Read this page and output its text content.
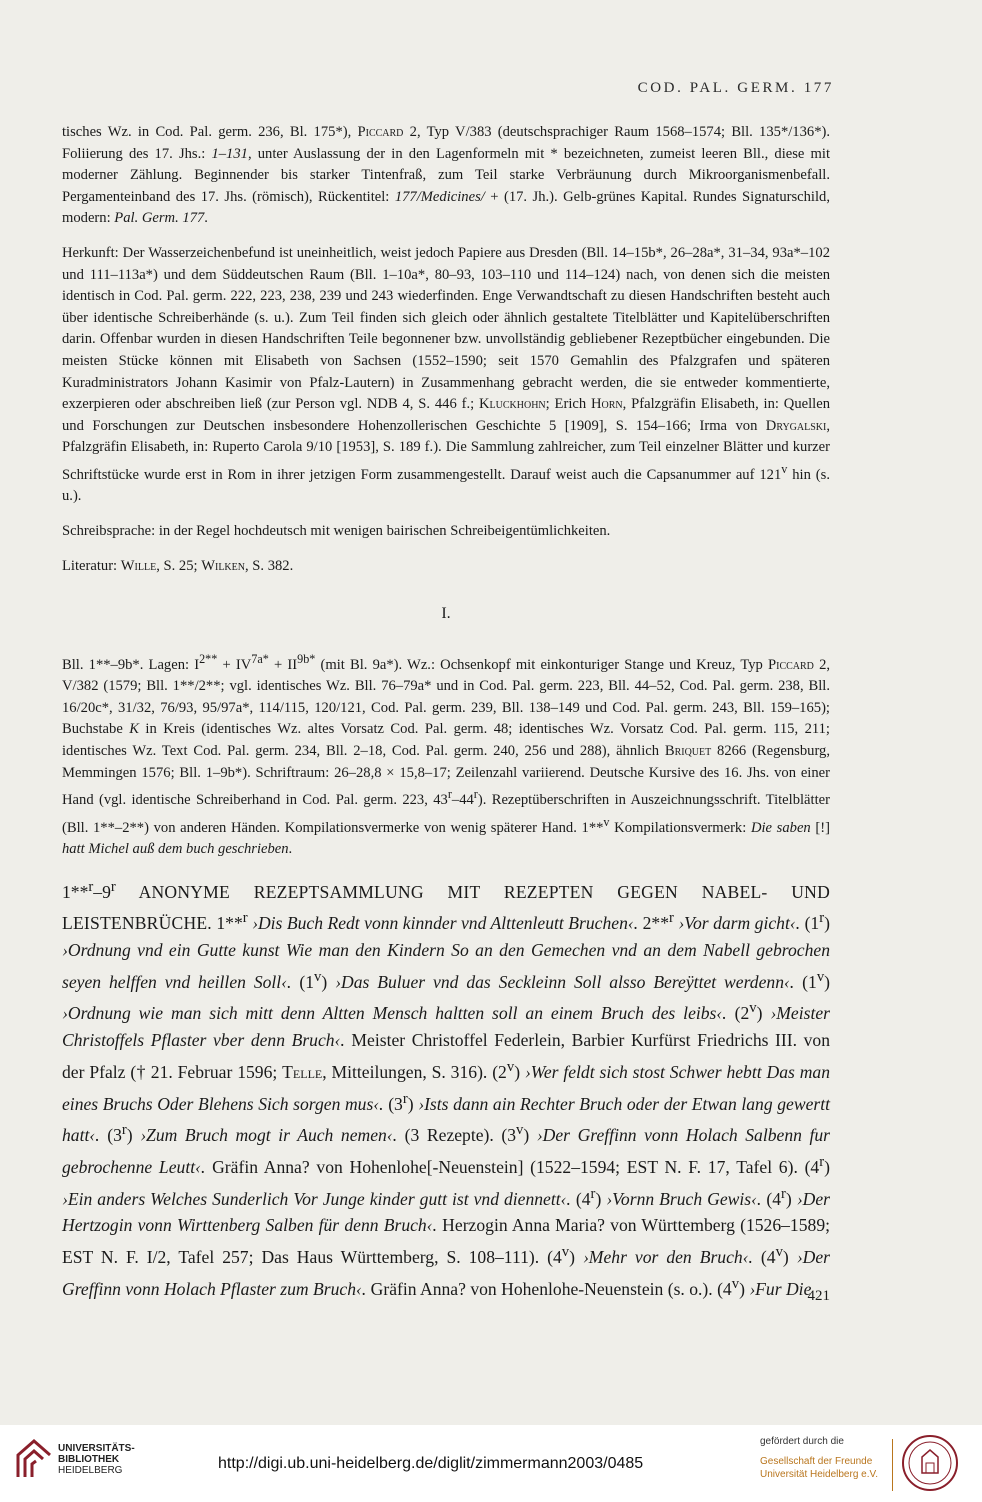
COD. PAL. GERM. 177

tisches Wz. in Cod. Pal. germ. 236, Bl. 175*), Piccard 2, Typ V/383 (deutschsprachiger Raum 1568–1574; Bll. 135*/136*). Foliierung des 17. Jhs.: 1–131, unter Auslassung der in den Lagenformeln mit * bezeichneten, zumeist leeren Bll., diese mit moderner Zählung. Beginnender bis starker Tintenfraß, zum Teil starke Verbräunung durch Mikroorganismenbefall. Pergamenteinband des 17. Jhs. (römisch), Rückentitel: 177/Medicines/ + (17. Jh.). Gelb-grünes Kapital. Rundes Signaturschild, modern: Pal. Germ. 177.

Herkunft: Der Wasserzeichenbefund ist uneinheitlich, weist jedoch Papiere aus Dresden (Bll. 14–15b*, 26–28a*, 31–34, 93a*–102 und 111–113a*) und dem Süddeutschen Raum (Bll. 1–10a*, 80–93, 103–110 und 114–124) nach, von denen sich die meisten identisch in Cod. Pal. germ. 222, 223, 238, 239 und 243 wiederfinden. Enge Verwandtschaft zu diesen Handschriften besteht auch über identische Schreiberhände (s. u.). Zum Teil finden sich gleich oder ähnlich gestaltete Titelblätter und Kapitelüberschriften darin. Offenbar wurden in diesen Handschriften Teile begonnener bzw. unvollständig gebliebener Rezeptbücher eingebunden. Die meisten Stücke können mit Elisabeth von Sachsen (1552–1590; seit 1570 Gemahlin des Pfalzgrafen und späteren Kuradministrators Johann Kasimir von Pfalz-Lautern) in Zusammenhang gebracht werden, die sie entweder kommentierte, exzerpieren oder abschreiben ließ (zur Person vgl. NDB 4, S. 446 f.; Kluckhohn; Erich Horn, Pfalzgräfin Elisabeth, in: Quellen und Forschungen zur Deutschen insbesondere Hohenzollerischen Geschichte 5 [1909], S. 154–166; Irma von Drygalski, Pfalzgräfin Elisabeth, in: Ruperto Carola 9/10 [1953], S. 189 f.). Die Sammlung zahlreicher, zum Teil einzelner Blätter und kurzer Schriftstücke wurde erst in Rom in ihrer jetzigen Form zusammengestellt. Darauf weist auch die Capsanummer auf 121$^v$ hin (s. u.).

Schreibsprache: in der Regel hochdeutsch mit wenigen bairischen Schreibeigentümlichkeiten.

Literatur: Wille, S. 25; Wilken, S. 382.

I.

Bll. 1**–9b*. Lagen: $I^{2**} + IV^{7a*} + II^{9b*}$ (mit Bl. 9a*). Wz.: Ochsenkopf mit einkonturiger Stange und Kreuz, Typ Piccard 2, V/382 (1579; Bll. 1**/2**; vgl. identisches Wz. Bll. 76–79a* und in Cod. Pal. germ. 223, Bll. 44–52, Cod. Pal. germ. 238, Bll. 16/20c*, 31/32, 76/93, 95/97a*, 114/115, 120/121, Cod. Pal. germ. 239, Bll. 138–149 und Cod. Pal. germ. 243, Bll. 159–165); Buchstabe K in Kreis (identisches Wz. altes Vorsatz Cod. Pal. germ. 48; identisches Wz. Vorsatz Cod. Pal. germ. 115, 211; identisches Wz. Text Cod. Pal. germ. 234, Bll. 2–18, Cod. Pal. germ. 240, 256 und 288), ähnlich Briquet 8266 (Regensburg, Memmingen 1576; Bll. 1–9b*). Schriftraum: 26–28,8 × 15,8–17; Zeilenzahl variierend. Deutsche Kursive des 16. Jhs. von einer Hand (vgl. identische Schreiberhand in Cod. Pal. germ. 223, 43$^r$–44$^r$). Rezeptüberschriften in Auszeichnungsschrift. Titelblätter (Bll. 1**–2**) von anderen Händen. Kompilationsvermerke von wenig späterer Hand. 1**$^v$ Kompilationsvermerk: Die saben [!] hatt Michel auß dem buch geschrieben.

1**$^r$–9$^r$ ANONYME REZEPTSAMMLUNG MIT REZEPTEN GEGEN NABEL- UND LEISTENBRÜCHE. 1**$^r$ ›Dis Buch Redt vonn kinnder vnd Alttenleutt Bruchen‹. 2**$^r$ ›Vor darm gicht‹. (1$^r$) ›Ordnung vnd ein Gutte kunst Wie man den Kindern So an den Gemechen vnd an dem Nabell gebrochen seyen helffen vnd heillen Soll‹. (1$^v$) ›Das Buluer vnd das Seckleinn Soll alsso Bereÿttet werdenn‹. (1$^v$) ›Ordnung wie man sich mitt denn Altten Mensch haltten soll an einem Bruch des leibs‹. (2$^v$) ›Meister Christoffels Pflaster vber denn Bruch‹. Meister Christoffel Federlein, Barbier Kurfürst Friedrichs III. von der Pfalz († 21. Februar 1596; Telle, Mitteilungen, S. 316). (2$^v$) ›Wer feldt sich stost Schwer hebtt Das man eines Bruchs Oder Blehens Sich sorgen mus‹. (3$^r$) ›Ists dann ain Rechter Bruch oder der Etwan lang gewertt hatt‹. (3$^r$) ›Zum Bruch mogt ir Auch nemen‹. (3 Rezepte). (3$^v$) ›Der Greffinn vonn Holach Salbenn fur gebrochenne Leutt‹. Gräfin Anna? von Hohenlohe[-Neuenstein] (1522–1594; EST N. F. 17, Tafel 6). (4$^r$) ›Ein anders Welches Sunderlich Vor Junge kinder gutt ist vnd diennett‹. (4$^r$) ›Vornn Bruch Gewis‹. (4$^r$) ›Der Hertzogin vonn Wirttenberg Salben für denn Bruch‹. Herzogin Anna Maria? von Württemberg (1526–1589; EST N. F. I/2, Tafel 257; Das Haus Württemberg, S. 108–111). (4$^v$) ›Mehr vor den Bruch‹. (4$^v$) ›Der Greffinn vonn Holach Pflaster zum Bruch‹. Gräfin Anna? von Hohenlohe-Neuenstein (s. o.). (4$^v$) ›Fur Die

421
UNIVERSITÄTS-
BIBLIOTHEK
HEIDELBERG	http://digi.ub.uni-heidelberg.de/diglit/zimmermann2003/0485
gefördert durch die
Gesellschaft der Freunde
Universität Heidelberg e.V.
